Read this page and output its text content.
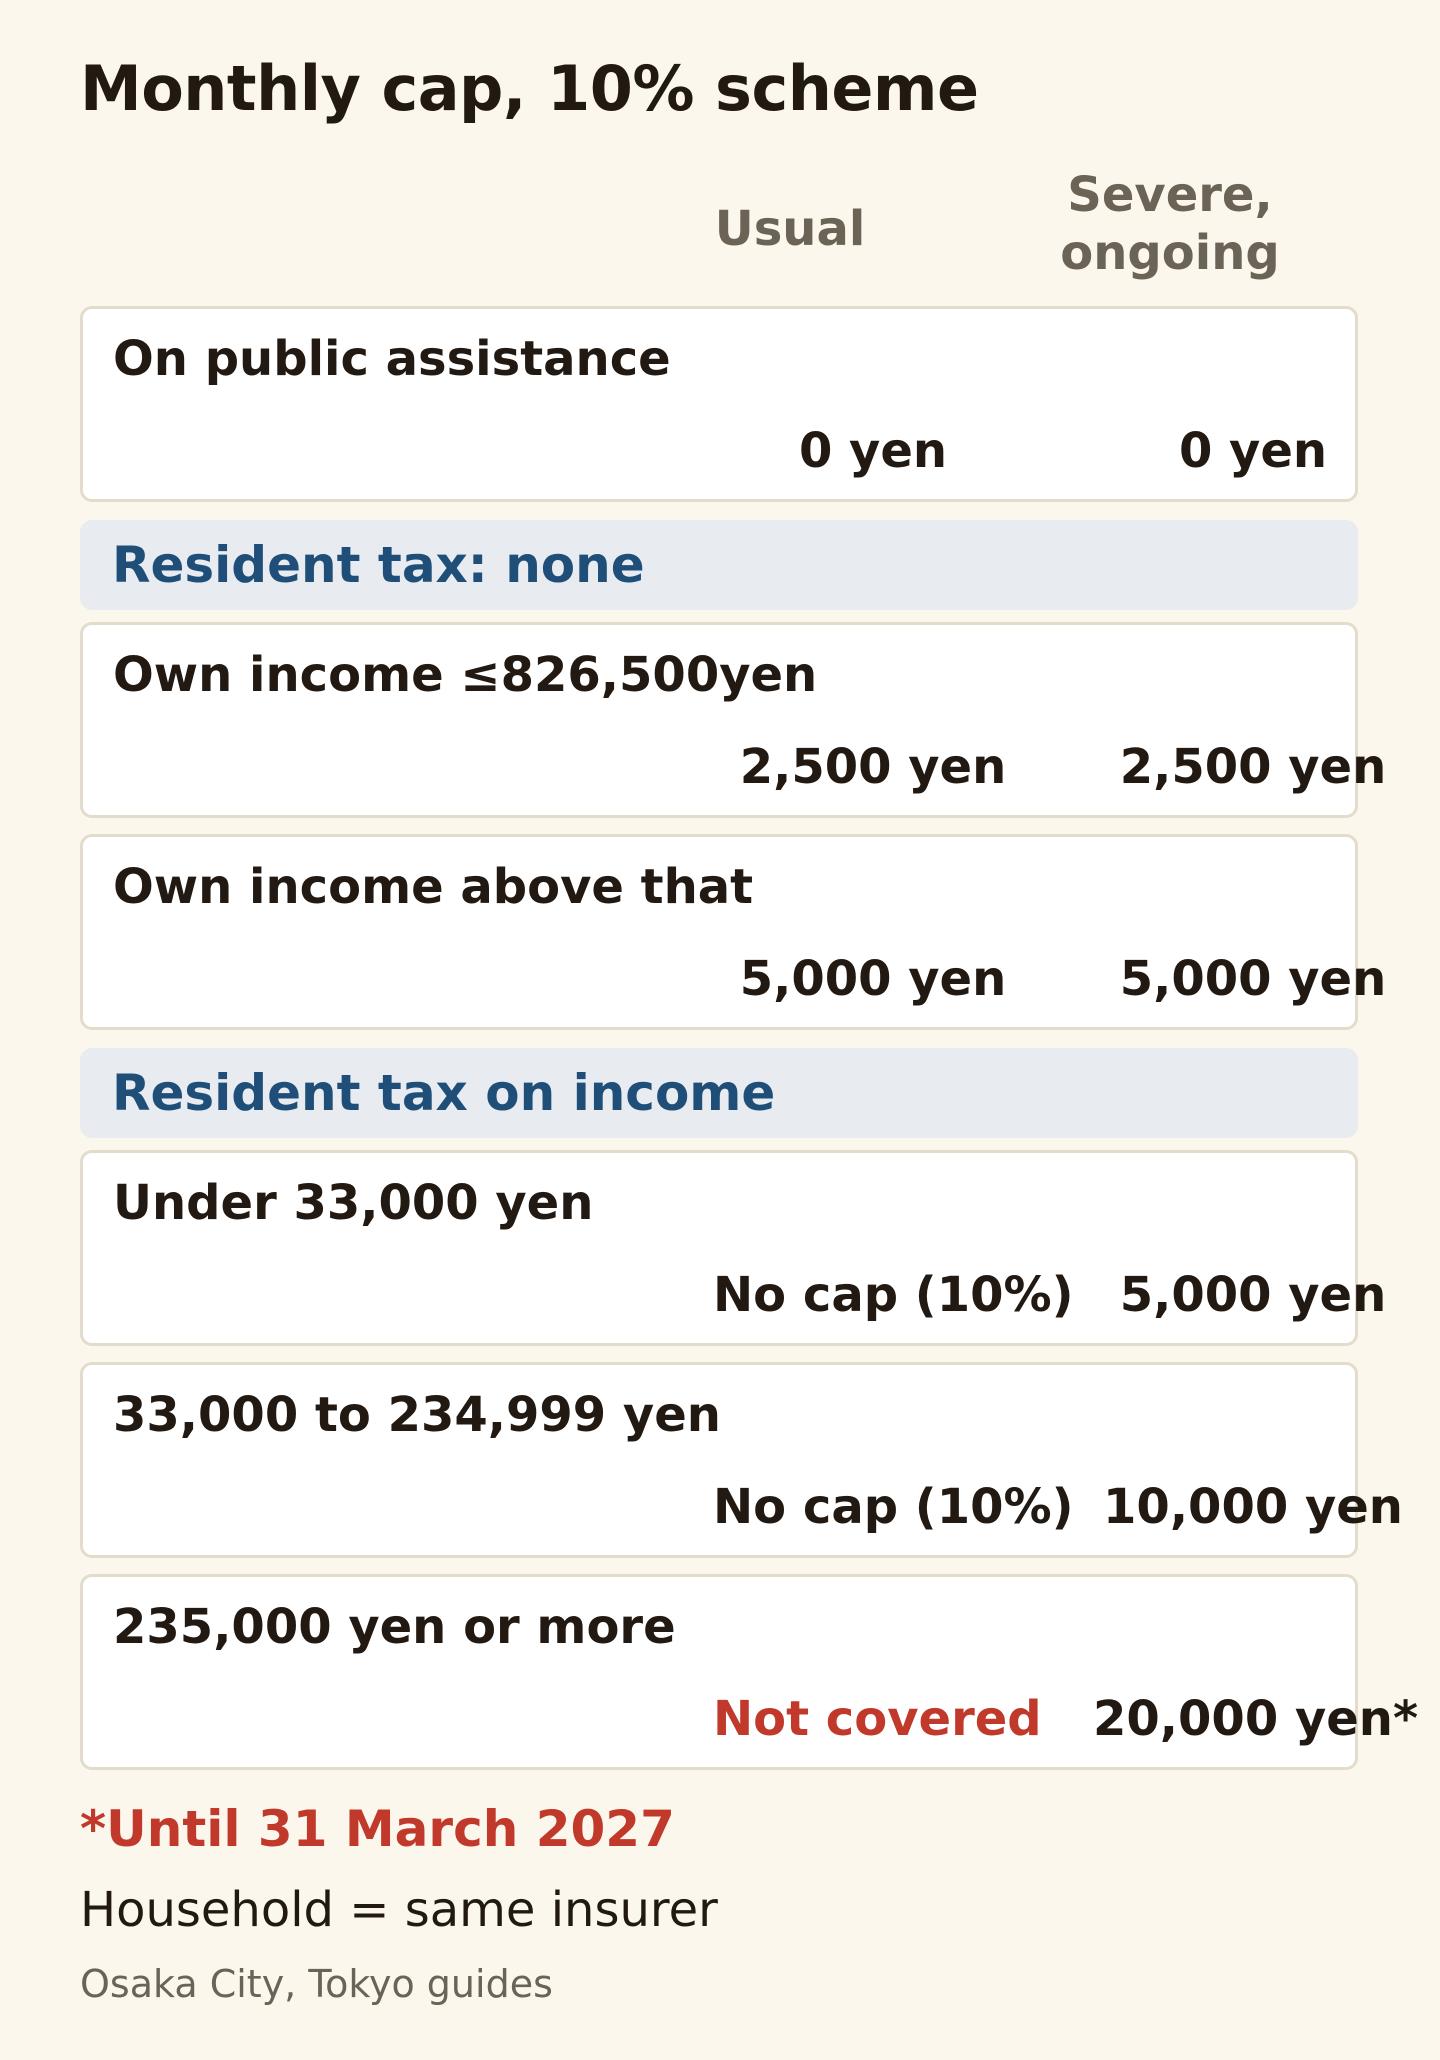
Monthly cap, 10% scheme
Usual
Severe,
ongoing
On public assistance
0 yen	0 yen
Resident tax: none
Own income ≤826,500yen
2,500 yen	2,500 yen
Own income above that
5,000 yen	5,000 yen
Resident tax on income
Under 33,000 yen
No cap (10%) 5,000 yen
33,000 to 234,999 yen
No cap (10%) 10,000 yen
235,000 yen or more
Not covered 20,000 yen*
*Until 31 March 2027
Household = same insurer
Osaka City, Tokyo guides
